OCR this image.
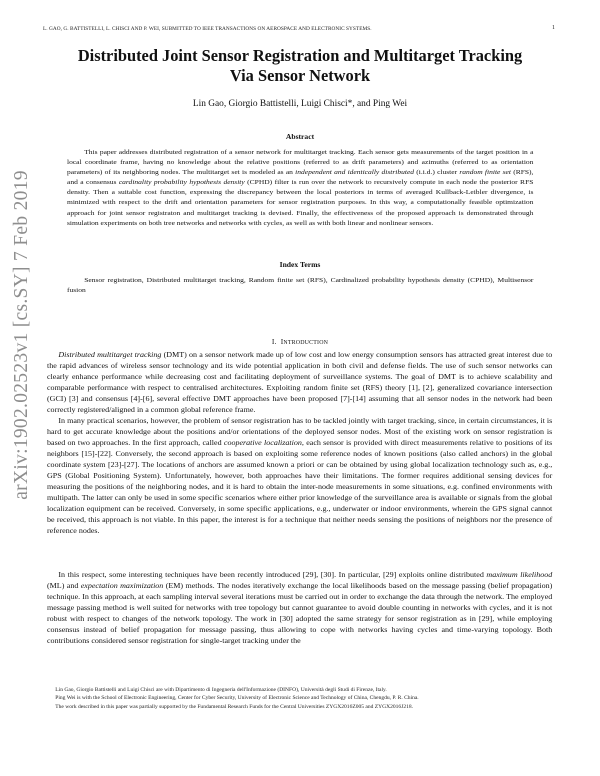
arXiv:1902.02523v1 [cs.SY] 7 Feb 2019
L. GAO, G. BATTISTELLI, L. CHISCI AND P. WEI, SUBMITTED TO IEEE TRANSACTIONS ON AEROSPACE AND ELECTRONIC SYSTEMS.	1
Distributed Joint Sensor Registration and Multitarget Tracking
Via Sensor Network
Lin Gao, Giorgio Battistelli, Luigi Chisci*, and Ping Wei
Abstract
This paper addresses distributed registration of a sensor network for multitarget tracking. Each sensor gets measurements of the target position in a local coordinate frame, having no knowledge about the relative positions (referred to as drift parameters) and azimuths (referred to as orientation parameters) of its neighboring nodes. The multitarget set is modeled as an independent and identically distributed (i.i.d.) cluster random finite set (RFS), and a consensus cardinality probability hypothesis density (CPHD) filter is run over the network to recursively compute in each node the posterior RFS density. Then a suitable cost function, expressing the discrepancy between the local posteriors in terms of averaged Kullback-Leibler divergence, is minimized with respect to the drift and orientation parameters for sensor registration purposes. In this way, a computationally feasible optimization approach for joint sensor registraton and multitarget tracking is devised. Finally, the effectiveness of the proposed approach is demonstrated through simulation experiments on both tree networks and networks with cycles, as well as with both linear and nonlinear sensors.
Index Terms
Sensor registration, Distributed multitarget tracking, Random finite set (RFS), Cardinalized probability hypothesis density (CPHD), Multisensor fusion
I. INTRODUCTION
Distributed multitarget tracking (DMT) on a sensor network made up of low cost and low energy consumption sensors has attracted great interest due to the rapid advances of wireless sensor technology and its wide potential application in both civil and defense fields. The use of such sensor networks can clearly enhance performance while decreasing cost and facilitating deployment of surveillance systems. The goal of DMT is to achieve scalability and comparable performance with respect to centralised architectures. Exploiting random finite set (RFS) theory [1], [2], generalized covariance intersection (GCI) [3] and consensus [4]-[6], several effective DMT approaches have been proposed [7]-[14] assuming that all sensor nodes in the network had been correctly registered/aligned in a common global reference frame.
In many practical scenarios, however, the problem of sensor registration has to be tackled jointly with target tracking, since, in certain circumstances, it is hard to get accurate knowledge about the positions and/or orientations of the deployed sensor nodes. Most of the existing work on sensor registration is based on two approaches. In the first approach, called cooperative localization, each sensor is provided with direct measurements relative to positions of its neighbors [15]-[22]. Conversely, the second approach is based on exploiting some reference nodes of known positions (also called anchors) in the global coordinate system [23]-[27]. The locations of anchors are assumed known a priori or can be obtained by using global localization technology such as, e.g., GPS (Global Positioning System). Unfortunately, however, both approaches have their limitations. The former requires additional sensing devices for measuring the positions of the neighboring nodes, and it is hard to obtain the inter-node measurements in some situations, e.g. confined environments with multipath. The latter can only be used in some specific scenarios where either prior knowledge of the surveillance area is available or signals from the global localization equipment can be received. Conversely, in some specific applications, e.g., underwater or indoor environments, wherein the GPS signal cannot be received, this approach is not viable. In this paper, the interest is for a technique that neither needs sensing the positions of neighbors nor the presence of reference nodes.
In this respect, some interesting techniques have been recently introduced [29], [30]. In particular, [29] exploits online distributed maximum likelihood (ML) and expectation maximization (EM) methods. The nodes iteratively exchange the local likelihoods based on the message passing (belief propagation) technique. In this approach, at each sampling interval several iterations must be carried out in order to exchange the data through the network. The employed message passing method is well suited for networks with tree topology but cannot guarantee to avoid double counting in networks with cycles, and it is not robust with respect to changes of the network topology. The work in [30] adopted the same strategy for sensor registration as in [29], while employing consensus instead of belief propagation for message passing, thus allowing to cope with networks having cycles and time-varying topology. Both contributions considered sensor registration for single-target tracking under the

Lin Gao, Giorgio Battistelli and Luigi Chisci are with Dipartimento di Ingegneria dell'Informazione (DINFO), Università degli Studi di Firenze, Italy.

Ping Wei is with the School of Electronic Engineering, Center for Cyber Security, University of Electronic Science and Technology of China, Chengdu, P. R. China.

The work described in this paper was partially supported by the Fundamental Research Funds for the Central Universities ZYGX2016Z005 and ZYGX2016J218.
